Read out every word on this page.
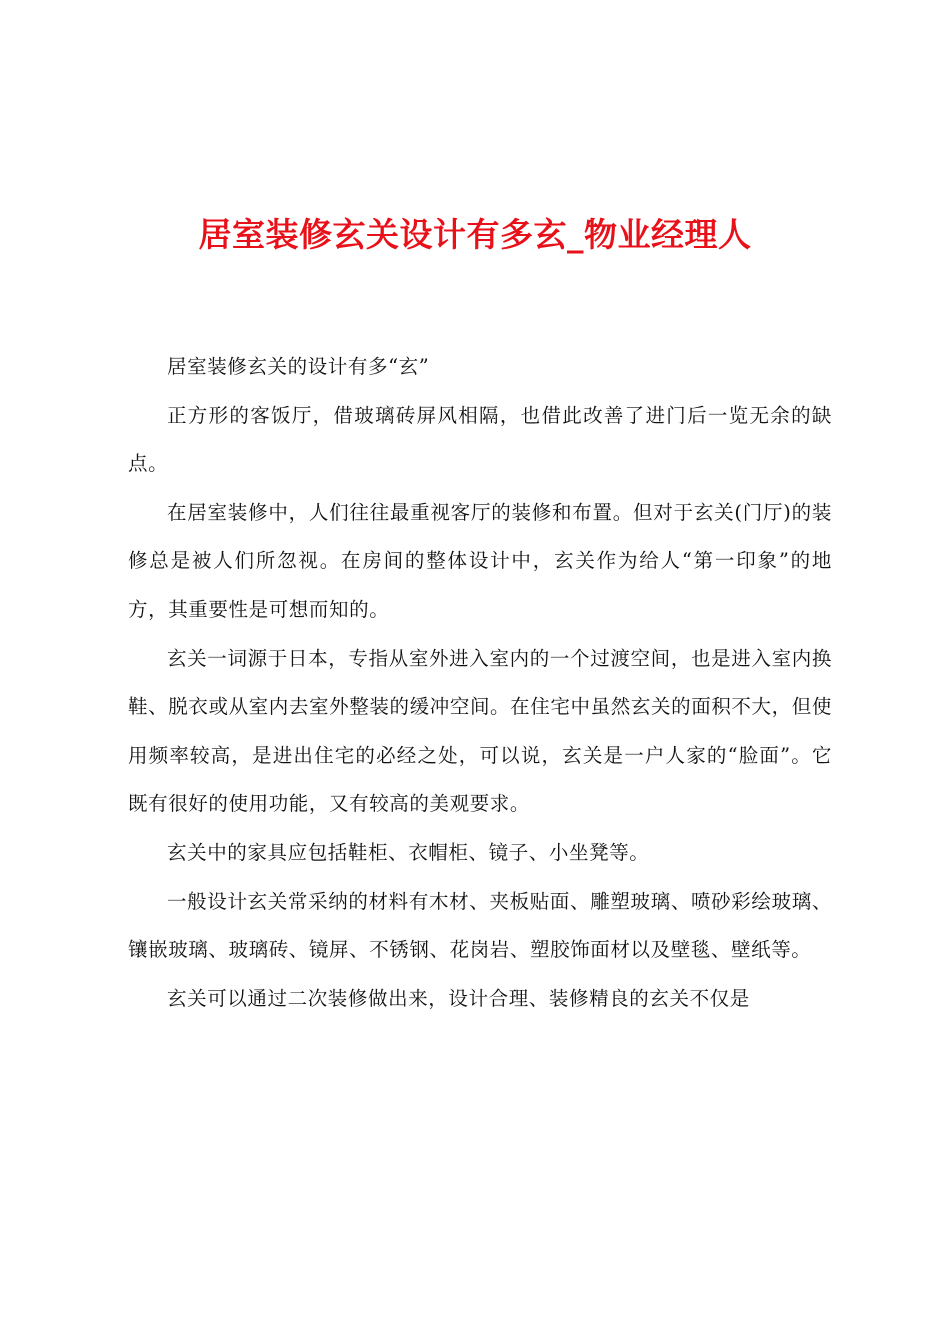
居室装修玄关设计有多玄_物业经理人

居室装修玄关的设计有多“玄”

正方形的客饭厅，借玻璃砖屏风相隔，也借此改善了进门后一览无余的缺点。

在居室装修中，人们往往最重视客厅的装修和布置。但对于玄关(门厅)的装修总是被人们所忽视。在房间的整体设计中，玄关作为给人“第一印象”的地方，其重要性是可想而知的。

玄关一词源于日本，专指从室外进入室内的一个过渡空间，也是进入室内换鞋、脱衣或从室内去室外整装的缓冲空间。在住宅中虽然玄关的面积不大，但使用频率较高，是进出住宅的必经之处，可以说，玄关是一户人家的“脸面”。它既有很好的使用功能，又有较高的美观要求。

玄关中的家具应包括鞋柜、衣帽柜、镜子、小坐凳等。

一般设计玄关常采纳的材料有木材、夹板贴面、雕塑玻璃、喷砂彩绘玻璃、镶嵌玻璃、玻璃砖、镜屏、不锈钢、花岗岩、塑胶饰面材以及壁毯、壁纸等。

玄关可以通过二次装修做出来，设计合理、装修精良的玄关不仅是
